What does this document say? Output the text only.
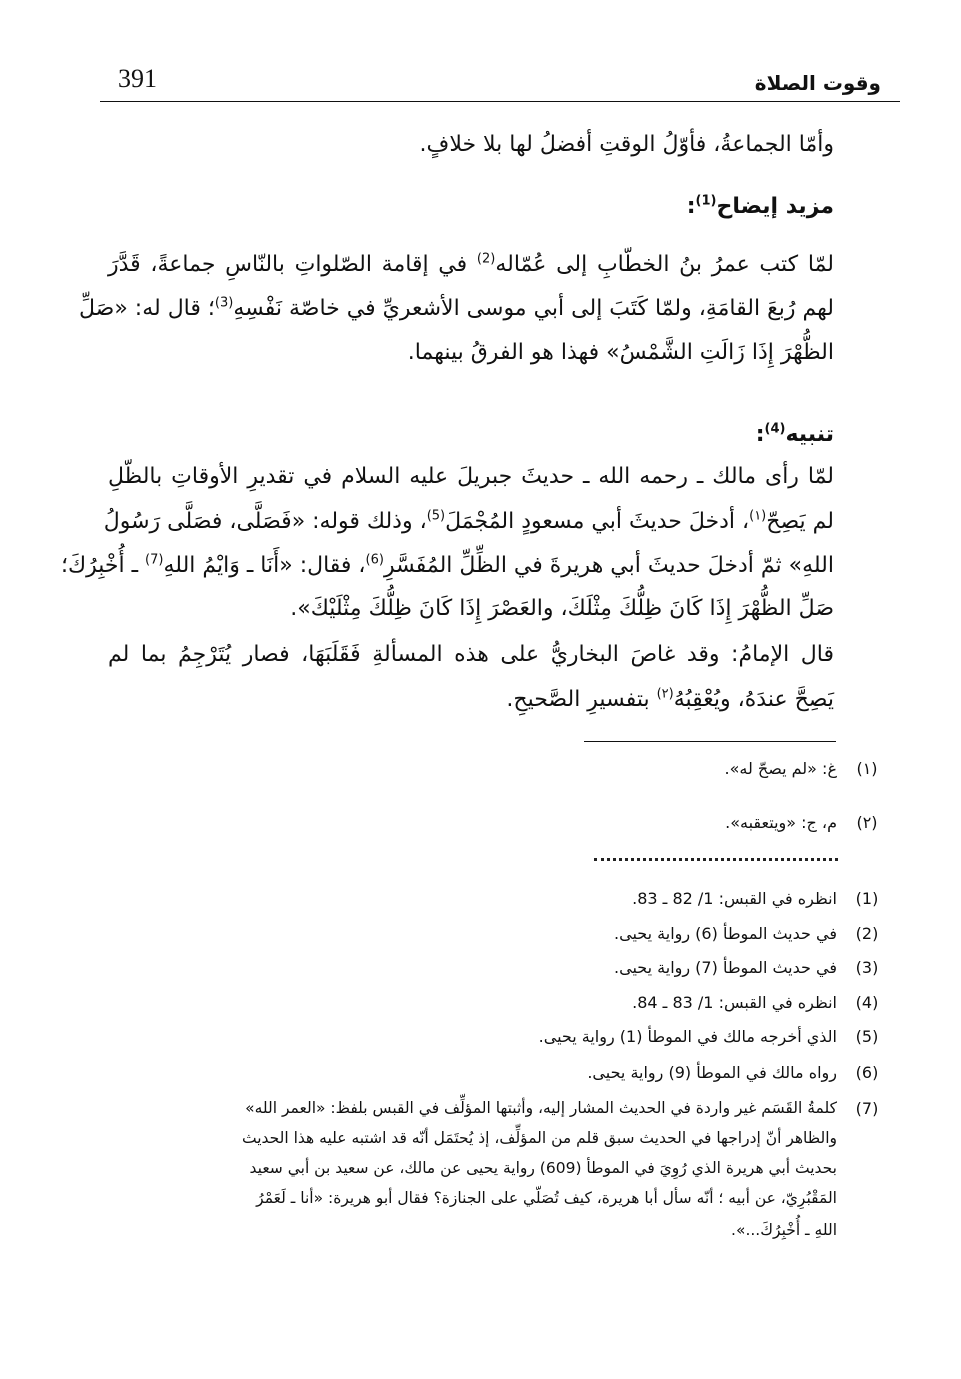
391	وقوت الصلاة
وأمّا الجماعةُ، فأوّلُ الوقتِ أفضلُ لها بلا خلافٍ.
مزيد إيضاح$^{(1)}$:
لمّا كتب عمرُ بنُ الخطّابِ إلى عُمّاله$^{(2)}$ في إقامة الصّلواتِ بالنّاسِ جماعةً، قَدَّرَ
لهم رُبعَ القامَةِ، ولمّا كَتَبَ إلى أبي موسى الأشعريِّ في خاصّة نَفْسِهِ$^{(3)}$؛ قال له: «صَلِّ
الظُّهْرَ إِذَا زَالَتِ الشَّمْسُ» فهذا هو الفرقُ بينهما.
تنبيه$^{(4)}$:
لمّا رأى مالك ـ رحمه الله ـ حديثَ جبريلَ عليه السلام في تقديرِ الأوقاتِ بالظّلِ
لم يَصِحّ$^{(١)}$، أدخلَ حديثَ أبي مسعودٍ المُجْمَلَ$^{(5)}$، وذلك قوله: «فَصَلَّى، فصَلَّى رَسُولُ
اللهِ» ثمّ أدخلَ حديثَ أبي هريرةَ في الظِّلِّ المُفَسَّرِ$^{(6)}$، فقال: «أَنَا ـ وَايْمُ اللهِ$^{(7)}$ ـ أُخْبِرُكَ؛
صَلِّ الظُّهْرَ إِذَا كَانَ ظِلُّكَ مِثْلَكَ، والعَصْرَ إِذَا كَانَ ظِلُّكَ مِثْلَيْكَ».
قال الإمامُ: وقد غاصَ البخاريُّ على هذه المسألةِ فَقَلَبَهَا، فصار يُتَرْجِمُ بما لم
يَصِحَّ عندَهُ، ويُعْقِبُهُ$^{(٢)}$ بتفسيرِ الصَّحيحِ.
(١)
غ: «لم يصحّ له».
(٢)
م، ج: «ويتعقبه».
(1)
انظره في القبس: 1/ 82 ـ 83.
(2)
في حديث الموطأ (6) رواية يحيى.
(3)
في حديث الموطأ (7) رواية يحيى.
(4)
انظره في القبس: 1/ 83 ـ 84.
(5)
الذي أخرجه مالك في الموطأ (1) رواية يحيى.
(6)
رواه مالك في الموطأ (9) رواية يحيى.
(7)
كلمةُ القَسَم غير واردة في الحديث المشار إليه، وأثبتها المؤلِّف في القبس بلفظ: «العمر الله»
والظاهر أنّ إدراجها في الحديث سبق قلم من المؤلِّف، إذ يُحتَمَل أنّه قد اشتبه عليه هذا الحديث
بحديث أبي هريرة الذي رُوِيَ في الموطأ (609) رواية يحيى عن مالك، عن سعيد بن أبي سعيد
المَقْبُرِيّ، عن أبيه ؛ أنّه سأل أبا هريرة، كيف تُصَلّي على الجنازة؟ فقال أبو هريرة: «أنا ـ لَعَمْرُ
اللهِ ـ أُخْبِرُكَ...».
